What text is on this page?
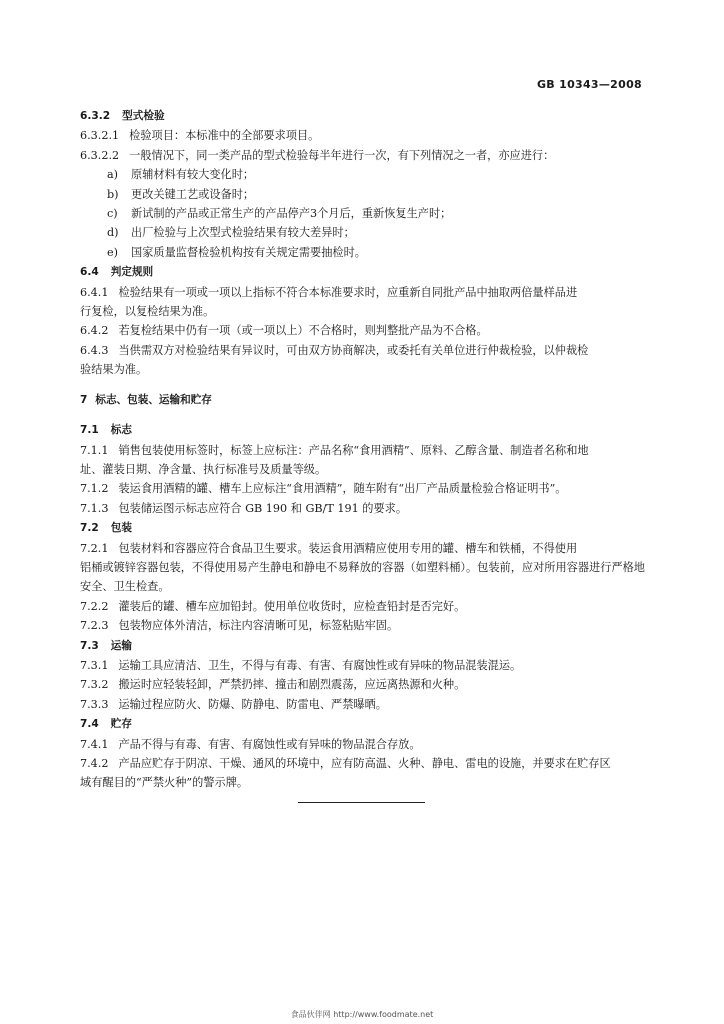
GB 10343—2008
6.3.2 型式检验
6.3.2.1 检验项目：本标准中的全部要求项目。
6.3.2.2 一般情况下，同一类产品的型式检验每半年进行一次，有下列情况之一者，亦应进行：
a) 原辅材料有较大变化时；
b) 更改关键工艺或设备时；
c) 新试制的产品或正常生产的产品停产3个月后，重新恢复生产时；
d) 出厂检验与上次型式检验结果有较大差异时；
e) 国家质量监督检验机构按有关规定需要抽检时。
6.4 判定规则
6.4.1 检验结果有一项或一项以上指标不符合本标准要求时，应重新自同批产品中抽取两倍量样品进
行复检，以复检结果为准。
6.4.2 若复检结果中仍有一项（或一项以上）不合格时，则判整批产品为不合格。
6.4.3 当供需双方对检验结果有异议时，可由双方协商解决，或委托有关单位进行仲裁检验，以仲裁检
验结果为准。
7 标志、包装、运输和贮存
7.1 标志
7.1.1 销售包装使用标签时，标签上应标注：产品名称“食用酒精”、原料、乙醇含量、制造者名称和地
址、灌装日期、净含量、执行标准号及质量等级。
7.1.2 装运食用酒精的罐、槽车上应标注“食用酒精”，随车附有“出厂产品质量检验合格证明书”。
7.1.3 包装储运图示标志应符合 GB 190 和 GB/T 191 的要求。
7.2 包装
7.2.1 包装材料和容器应符合食品卫生要求。装运食用酒精应使用专用的罐、槽车和铁桶，不得使用
铝桶或镀锌容器包装，不得使用易产生静电和静电不易释放的容器（如塑料桶）。包装前，应对所用容器进行严格地安全、卫生检查。
7.2.2 灌装后的罐、槽车应加铅封。使用单位收货时，应检查铅封是否完好。
7.2.3 包装物应体外清洁，标注内容清晰可见，标签粘贴牢固。
7.3 运输
7.3.1 运输工具应清洁、卫生，不得与有毒、有害、有腐蚀性或有异味的物品混装混运。
7.3.2 搬运时应轻装轻卸，严禁扔摔、撞击和剧烈震荡，应远离热源和火种。
7.3.3 运输过程应防火、防爆、防静电、防雷电、严禁曝晒。
7.4 贮存
7.4.1 产品不得与有毒、有害、有腐蚀性或有异味的物品混合存放。
7.4.2 产品应贮存于阴凉、干燥、通风的环境中，应有防高温、火种、静电、雷电的设施，并要求在贮存区
域有醒目的“严禁火种”的警示牌。
食品伙伴网 http://www.foodmate.net
